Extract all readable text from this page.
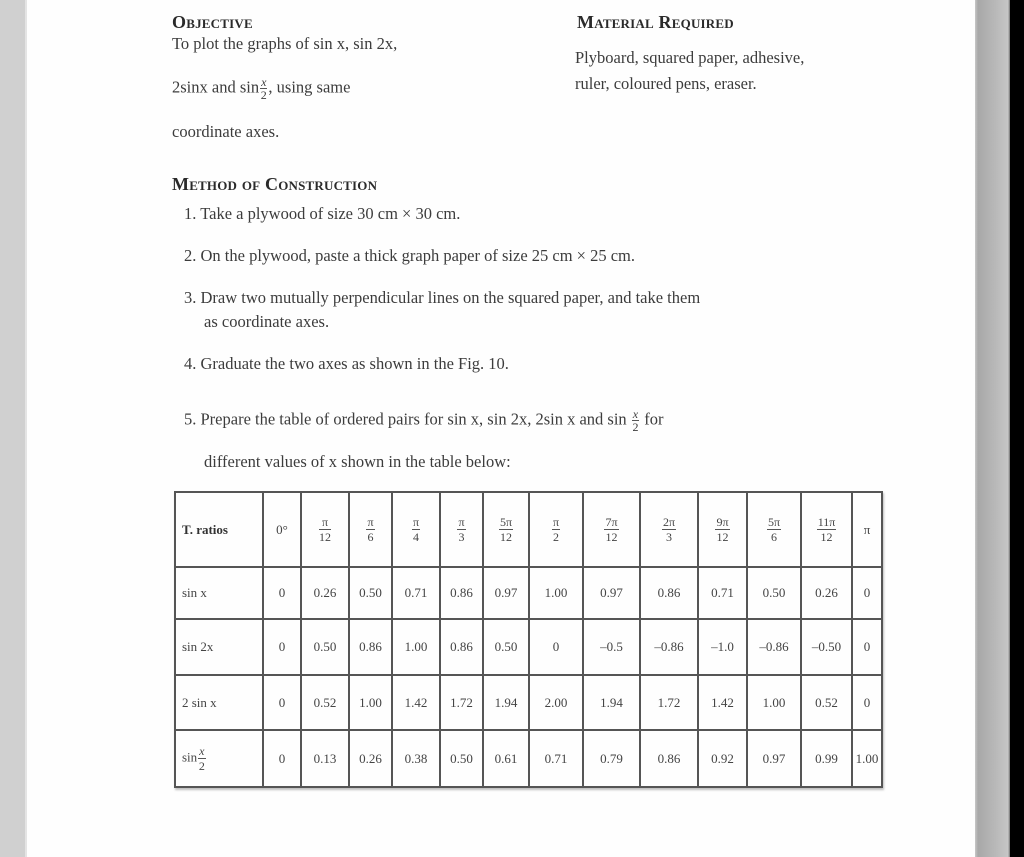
Objective
To plot the graphs of sin x, sin 2x,
2sinx and $\sin \frac{x}{2}$ , using same
coordinate axes.
Material Required
Plyboard, squared paper, adhesive,
ruler, coloured pens, eraser.
Method of Construction
1. Take a plywood of size 30 cm × 30 cm.
2. On the plywood, paste a thick graph paper of size 25 cm × 25 cm.
3. Draw two mutually perpendicular lines on the squared paper, and take them
as coordinate axes.
4. Graduate the two axes as shown in the Fig. 10.
5. Prepare the table of ordered pairs for sin x, sin 2x, 2sin x and $\sin \frac{x}{2}$ for
different values of x shown in the table below:
T. ratios	0°	$\frac{\pi}{12}$	$\frac{\pi}{6}$	$\frac{\pi}{4}$	$\frac{\pi}{3}$	$\frac{5\pi}{12}$	$\frac{\pi}{2}$	$\frac{7\pi}{12}$	$\frac{2\pi}{3}$	$\frac{9\pi}{12}$	$\frac{5\pi}{6}$	$\frac{11\pi}{12}$	π
sin x	0	0.26	0.50	0.71	0.86	0.97	1.00	0.97	0.86	0.71	0.50	0.26	0
sin 2x	0	0.50	0.86	1.00	0.86	0.50	0	–0.5	–0.86	–1.0	–0.86	–0.50	0
2 sin x	0	0.52	1.00	1.42	1.72	1.94	2.00	1.94	1.72	1.42	1.00	0.52	0
$\sin \frac{x}{2}$	0	0.13	0.26	0.38	0.50	0.61	0.71	0.79	0.86	0.92	0.97	0.99	1.00
